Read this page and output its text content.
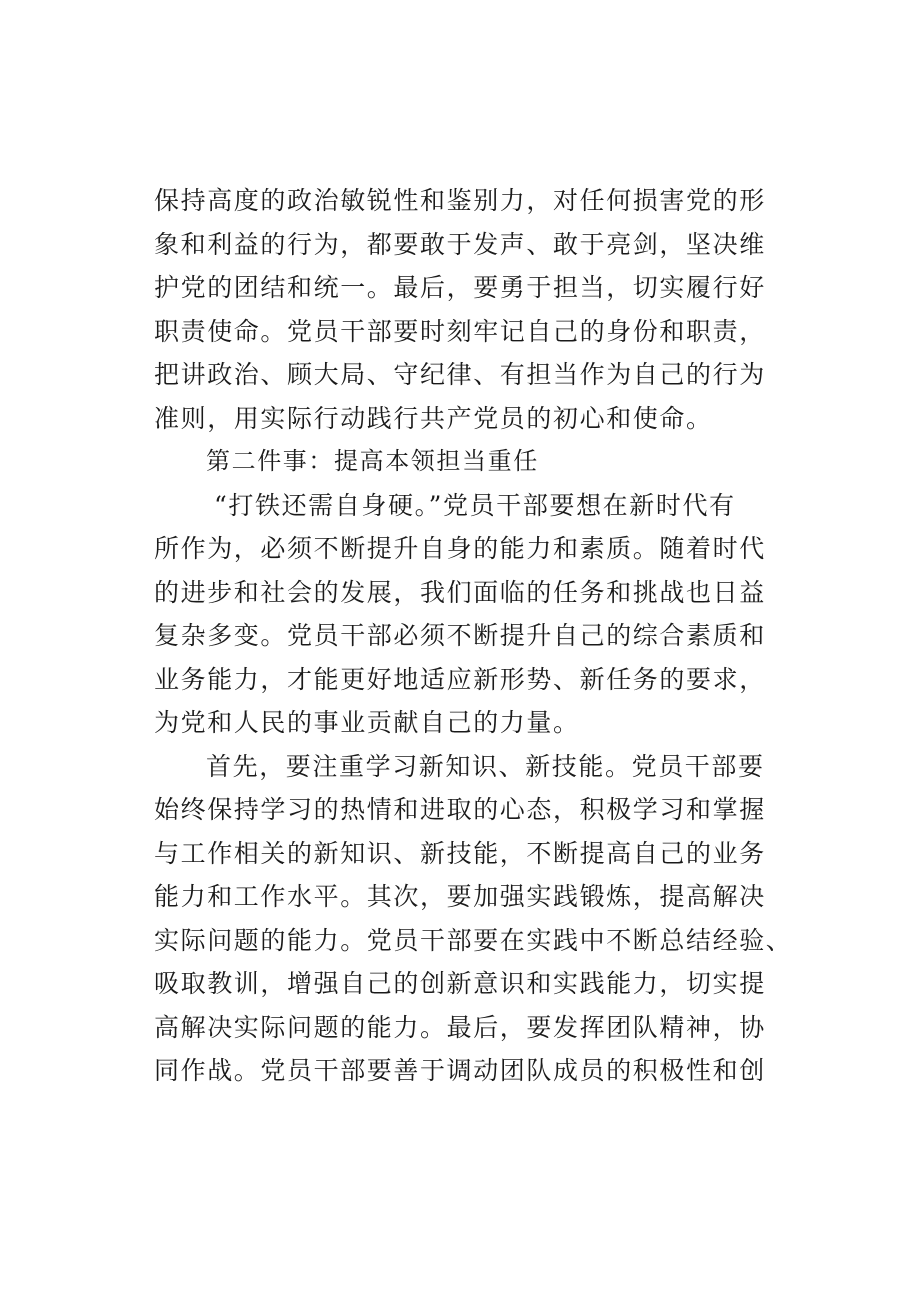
保持高度的政治敏锐性和鉴别力，对任何损害党的形
象和利益的行为，都要敢于发声、敢于亮剑，坚决维
护党的团结和统一。最后，要勇于担当，切实履行好
职责使命。党员干部要时刻牢记自己的身份和职责，
把讲政治、顾大局、守纪律、有担当作为自己的行为
准则，用实际行动践行共产党员的初心和使命。
第二件事：提高本领担当重任
“打铁还需自身硬。”党员干部要想在新时代有
所作为，必须不断提升自身的能力和素质。随着时代
的进步和社会的发展，我们面临的任务和挑战也日益
复杂多变。党员干部必须不断提升自己的综合素质和
业务能力，才能更好地适应新形势、新任务的要求，
为党和人民的事业贡献自己的力量。
首先，要注重学习新知识、新技能。党员干部要
始终保持学习的热情和进取的心态，积极学习和掌握
与工作相关的新知识、新技能，不断提高自己的业务
能力和工作水平。其次，要加强实践锻炼，提高解决
实际问题的能力。党员干部要在实践中不断总结经验、
吸取教训，增强自己的创新意识和实践能力，切实提
高解决实际问题的能力。最后，要发挥团队精神，协
同作战。党员干部要善于调动团队成员的积极性和创
